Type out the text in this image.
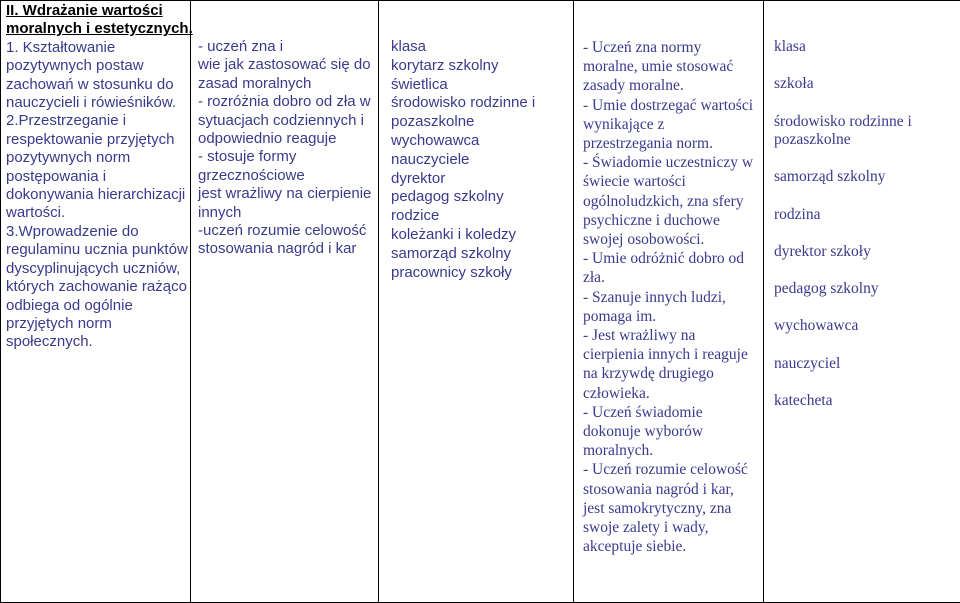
II. Wdrażanie wartości
moralnych i estetycznych.
1. Kształtowanie
pozytywnych postaw
zachowań w stosunku do
nauczycieli i rówieśników.
2.Przestrzeganie i
respektowanie przyjętych
pozytywnych norm
postępowania i
dokonywania hierarchizacji
wartości.
3.Wprowadzenie do
regulaminu ucznia punktów
dyscyplinujących uczniów,
których zachowanie rażąco
odbiega od ogólnie
przyjętych norm
społecznych.

- uczeń zna i
wie jak zastosować się do
zasad moralnych
- rozróżnia dobro od zła w
sytuacjach codziennych i
odpowiednio reaguje
- stosuje formy
grzecznościowe
jest wrażliwy na cierpienie
innych
-uczeń rozumie celowość
stosowania nagród i kar

klasa
korytarz szkolny
świetlica
środowisko rodzinne i
pozaszkolne
wychowawca
nauczyciele
dyrektor
pedagog szkolny
rodzice
koleżanki i koledzy
samorząd szkolny
pracownicy szkoły

- Uczeń zna normy
moralne, umie stosować
zasady moralne.
- Umie dostrzegać wartości
wynikające z
przestrzegania norm.
- Świadomie uczestniczy w
świecie wartości
ogólnoludzkich, zna sfery
psychiczne i duchowe
swojej osobowości.
- Umie odróżnić dobro od
zła.
- Szanuje innych ludzi,
pomaga im.
- Jest wrażliwy na
cierpienia innych i reaguje
na krzywdę drugiego
człowieka.
- Uczeń świadomie
dokonuje wyborów
moralnych.
- Uczeń rozumie celowość
stosowania nagród i kar,
jest samokrytyczny, zna
swoje zalety i wady,
akceptuje siebie.

klasa
szkoła
środowisko rodzinne i
pozaszkolne
samorząd szkolny
rodzina
dyrektor szkoły
pedagog szkolny
wychowawca
nauczyciel
katecheta
